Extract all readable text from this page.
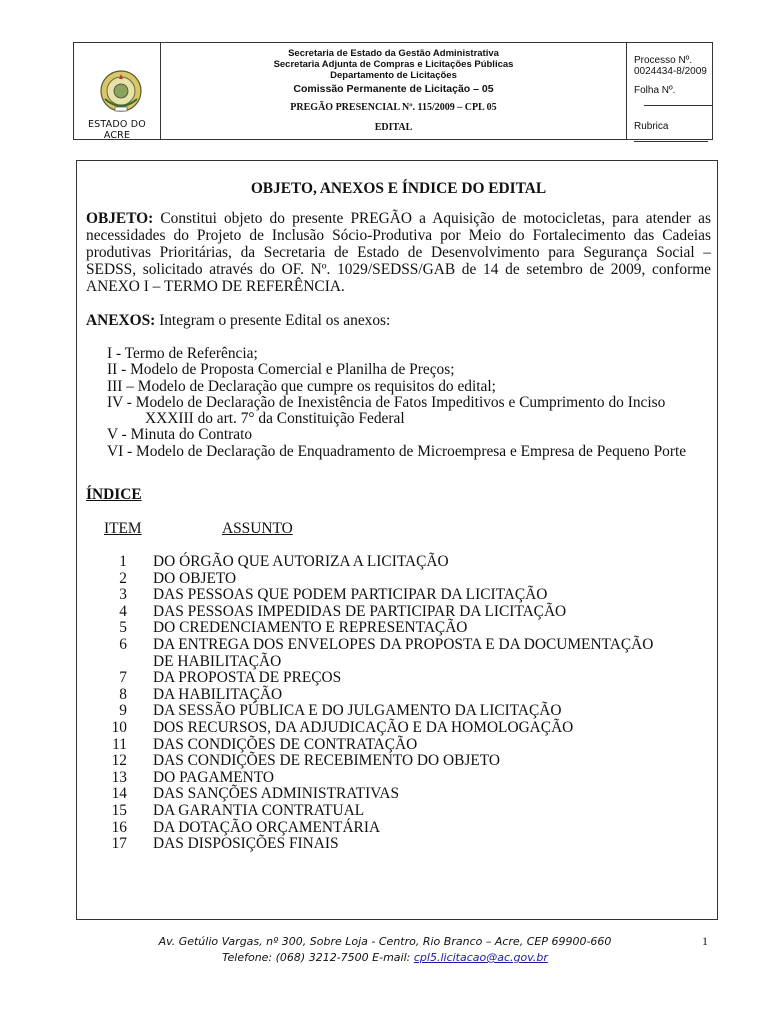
ESTADO DO ACRE
Secretaria de Estado da Gestão Administrativa
Secretaria Adjunta de Compras e Licitações Públicas
Departamento de Licitações
Comissão Permanente de Licitação – 05
PREGÃO PRESENCIAL Nº. 115/2009 – CPL 05
EDITAL
Processo Nº. 0024434-8/2009
Folha Nº.
Rubrica
OBJETO, ANEXOS E ÍNDICE DO EDITAL
OBJETO: Constitui objeto do presente PREGÃO a Aquisição de motocicletas, para atender as necessidades do Projeto de Inclusão Sócio-Produtiva por Meio do Fortalecimento das Cadeias produtivas Prioritárias, da Secretaria de Estado de Desenvolvimento para Segurança Social – SEDSS, solicitado através do OF. Nº. 1029/SEDSS/GAB de 14 de setembro de 2009, conforme ANEXO I – TERMO DE REFERÊNCIA.
ANEXOS: Integram o presente Edital os anexos:
I - Termo de Referência;
II - Modelo de Proposta Comercial e Planilha de Preços;
III – Modelo de Declaração que cumpre os requisitos do edital;
IV - Modelo de Declaração de Inexistência de Fatos Impeditivos e Cumprimento do Inciso
XXXIII do art. 7° da Constituição Federal
V - Minuta do Contrato
VI - Modelo de Declaração de Enquadramento de Microempresa e Empresa de Pequeno Porte
ÍNDICE
ITEM	ASSUNTO
1 DO ÓRGÃO QUE AUTORIZA A LICITAÇÃO
2 DO OBJETO
3 DAS PESSOAS QUE PODEM PARTICIPAR DA LICITAÇÃO
4 DAS PESSOAS IMPEDIDAS DE PARTICIPAR DA LICITAÇÃO
5 DO CREDENCIAMENTO E REPRESENTAÇÃO
6 DA ENTREGA DOS ENVELOPES DA PROPOSTA E DA DOCUMENTAÇÃO
DE HABILITAÇÃO
7 DA PROPOSTA DE PREÇOS
8 DA HABILITAÇÃO
9 DA SESSÃO PÚBLICA E DO JULGAMENTO DA LICITAÇÃO
10 DOS RECURSOS, DA ADJUDICAÇÃO E DA HOMOLOGAÇÃO
11 DAS CONDIÇÕES DE CONTRATAÇÃO
12 DAS CONDIÇÕES DE RECEBIMENTO DO OBJETO
13 DO PAGAMENTO
14 DAS SANÇÕES ADMINISTRATIVAS
15 DA GARANTIA CONTRATUAL
16 DA DOTAÇÃO ORÇAMENTÁRIA
17 DAS DISPOSIÇÕES FINAIS
Av. Getúlio Vargas, nº 300, Sobre Loja - Centro, Rio Branco – Acre, CEP 69900-660
Telefone: (068) 3212-7500 E-mail: cpl5.licitacao@ac.gov.br
1
